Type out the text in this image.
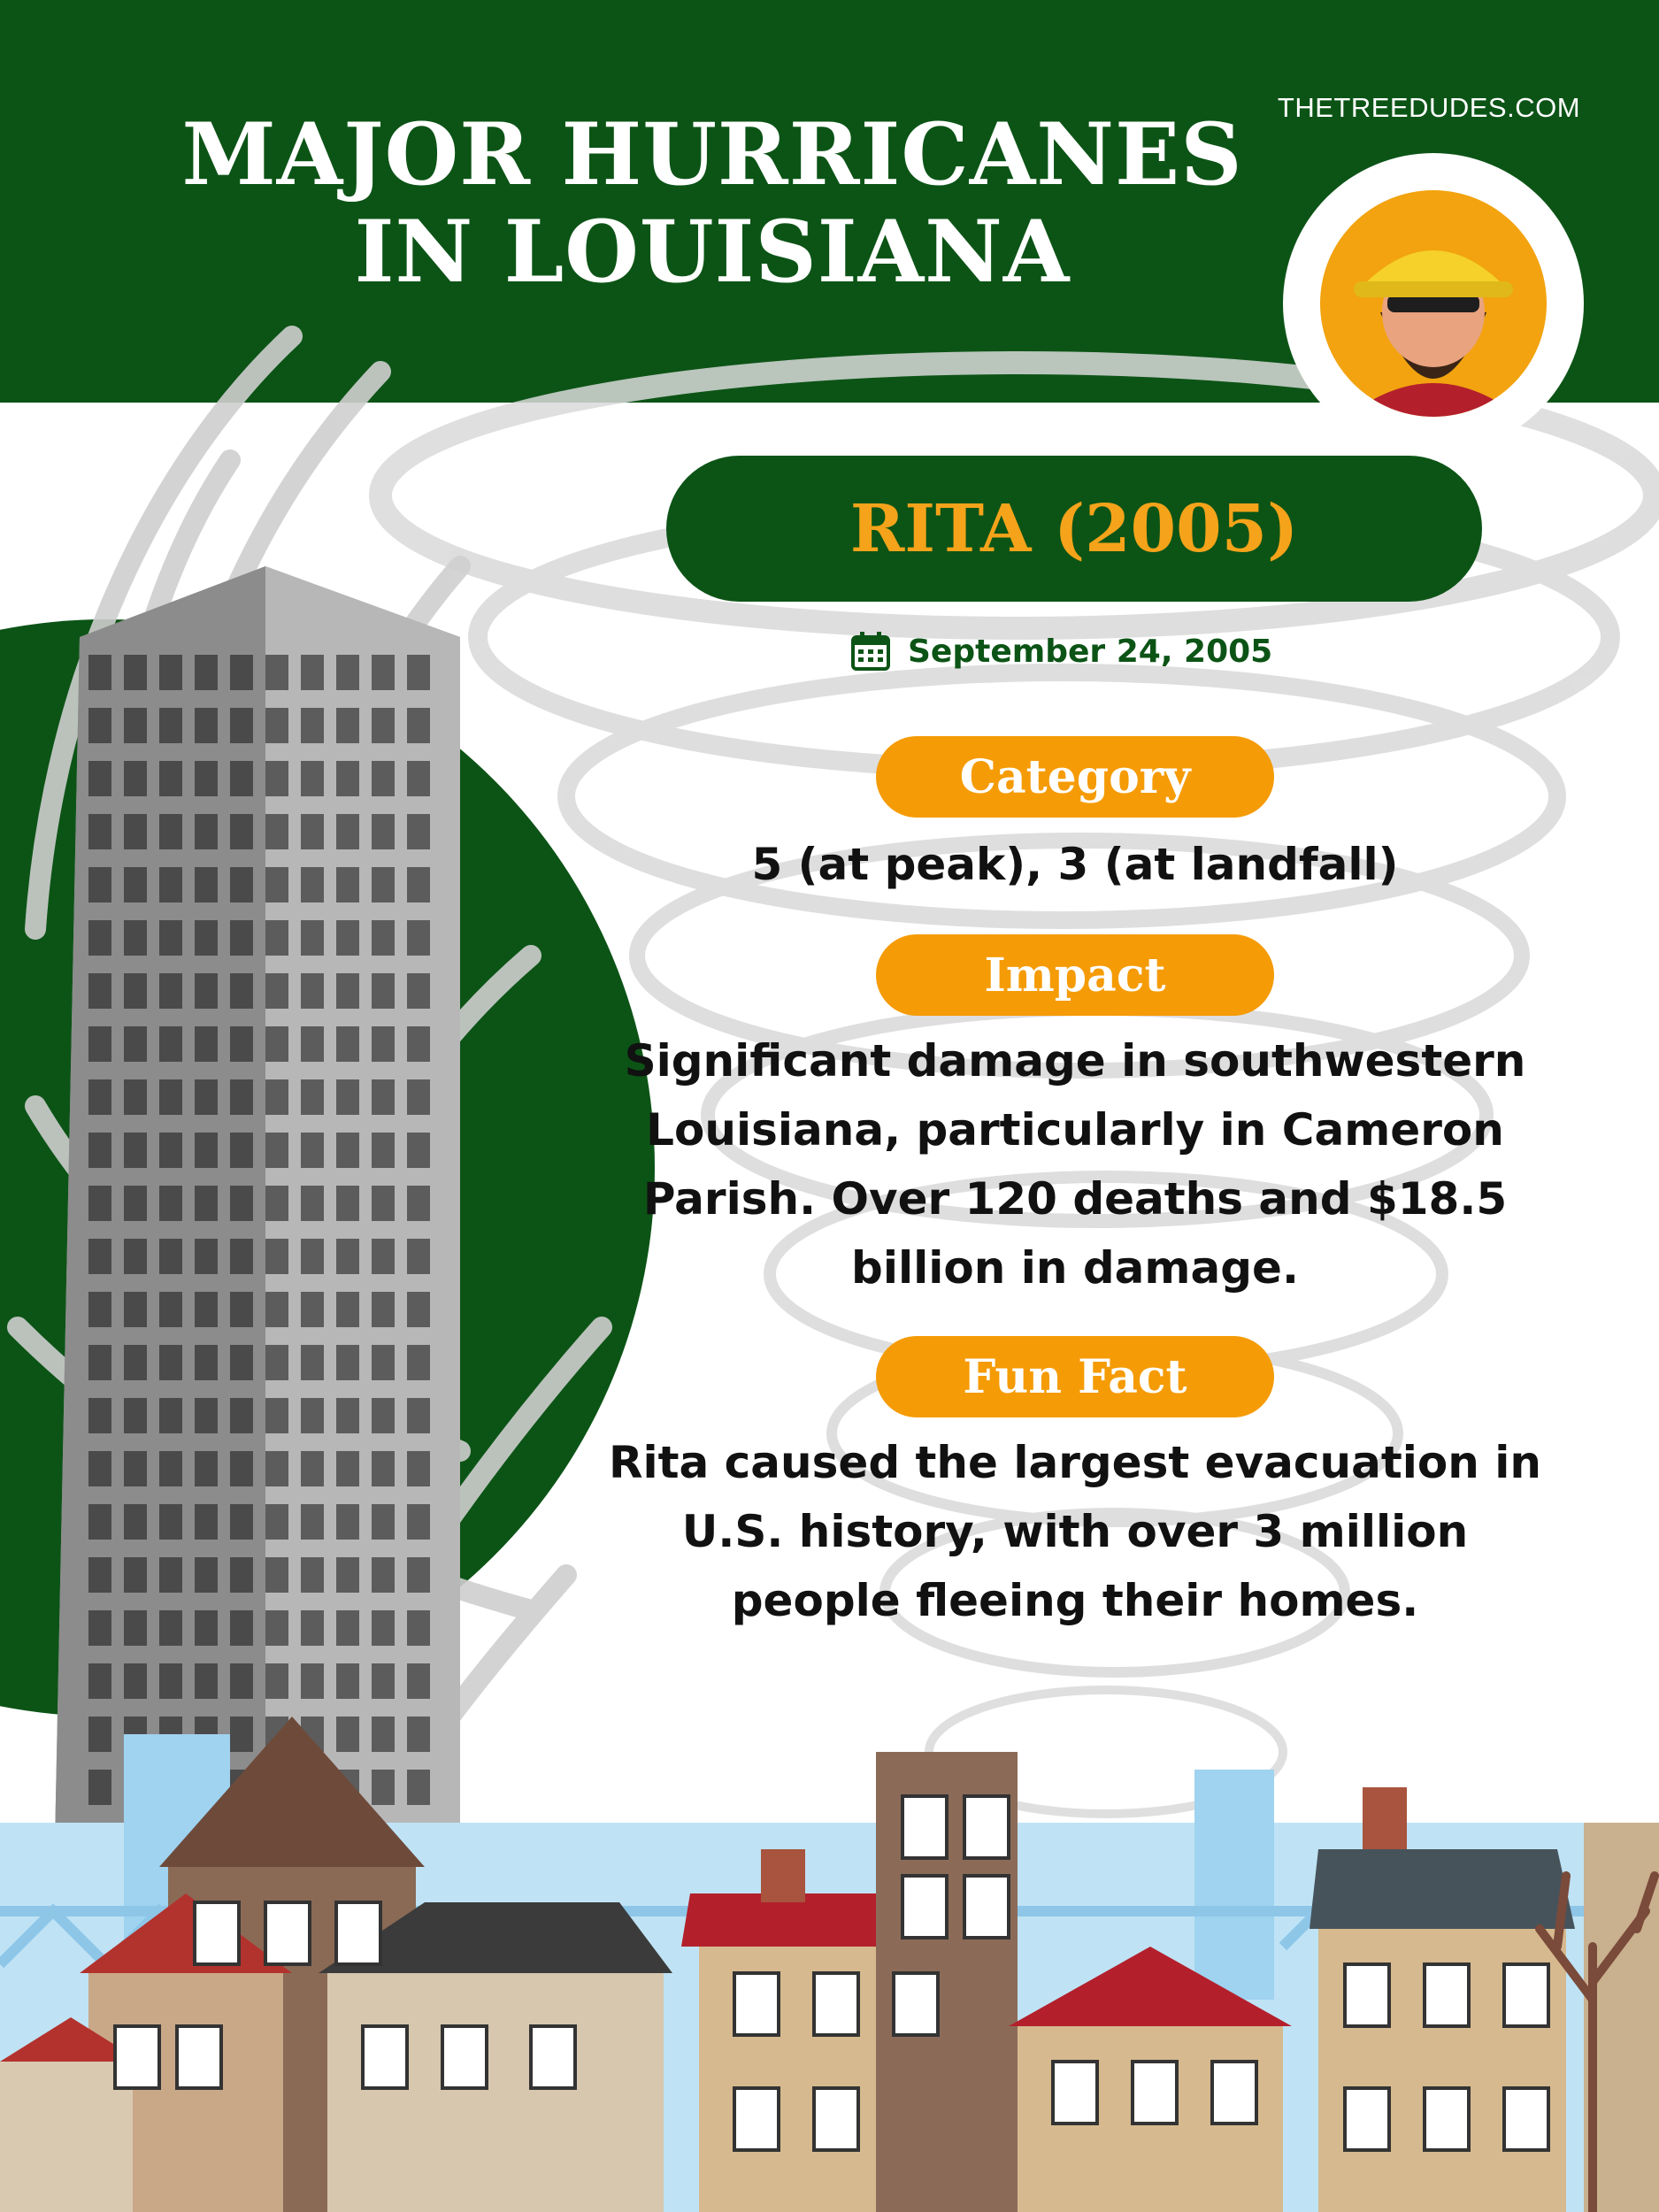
MAJOR HURRICANES
IN LOUISIANA
THETREEDUDES.COM
RITA (2005)
September 24, 2005
Category
5 (at peak), 3 (at landfall)
Impact
Significant damage in southwestern Louisiana, particularly in Cameron Parish. Over 120 deaths and $18.5 billion in damage.
Fun Fact
Rita caused the largest evacuation in U.S. history, with over 3 million people fleeing their homes.
